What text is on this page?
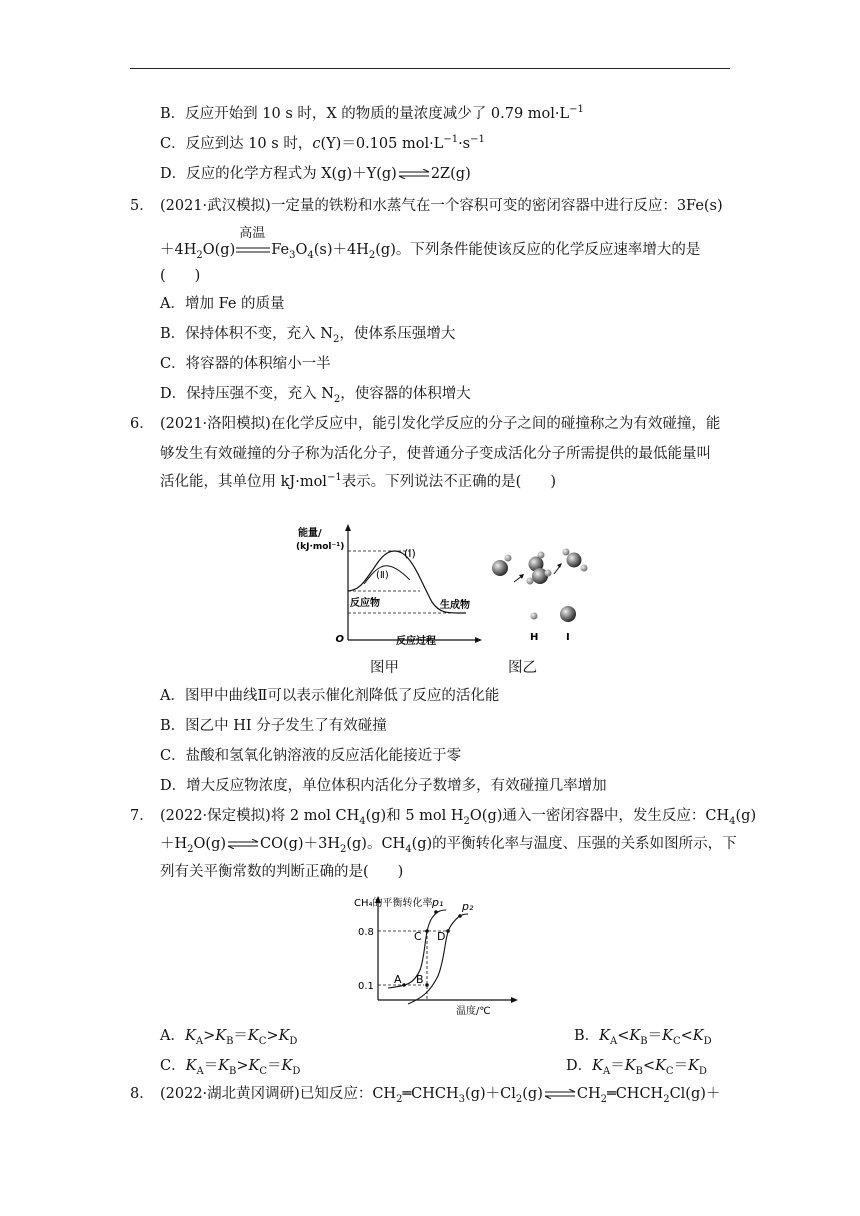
B．反应开始到 10 s 时，X 的物质的量浓度减少了 0.79 $mol\cdot L^{-1}$
C．反应到达 10 s 时，c(Y)＝0.105 $mol\cdot L^{-1}\cdot s^{-1}$
D．反应的化学方程式为 X(g)＋Y(g)⇌2Z(g)
5． (2021·武汉模拟)一定量的铁粉和水蒸气在一个容积可变的密闭容器中进行反应：3Fe(s)
$+4H_2O(g)$
高温
$Fe_3O_4(s)+4H_2(g)$。下列条件能使该反应的化学反应速率增大的是
(　　)
A．增加 Fe 的质量
B．保持体积不变，充入 $N_2$，使体系压强增大
C．将容器的体积缩小一半
D．保持压强不变，充入 $N_2$，使容器的体积增大
6． (2021·洛阳模拟)在化学反应中，能引发化学反应的分子之间的碰撞称之为有效碰撞，能
够发生有效碰撞的分子称为活化分子，使普通分子变成活化分子所需提供的最低能量叫
活化能，其单位用 kJ·mol$^{-1}$表示。下列说法不正确的是(　　)
能量/
(kJ·mol⁻¹)	(Ⅰ)
(Ⅱ)
反应物	生成物
O	反应过程	H	I
图甲	图乙
A．图甲中曲线Ⅱ可以表示催化剂降低了反应的活化能
B．图乙中 HI 分子发生了有效碰撞
C．盐酸和氢氧化钠溶液的反应活化能接近于零
D．增大反应物浓度，单位体积内活化分子数增多，有效碰撞几率增加
7． (2022·保定模拟)将 2 mol $CH_4(g)$和 5 mol $H_2O(g)$通入一密闭容器中，发生反应：$CH_4(g)$
$+H_2O(g)\rightleftharpoons CO(g)+3H_2(g)$。$CH_4(g)$的平衡转化率与温度、压强的关系如图所示，下
列有关平衡常数的判断正确的是(　　)
CH₄的平衡转化率
0.8
0.1
A B
C D
p₁ p₂
温度/℃
A．$K_A>K_B=K_C>K_D$	B．$K_A<K_B=K_C<K_D$
C．$K_A=K_B>K_C=K_D$	D．$K_A=K_B<K_C=K_D$
8． (2022·湖北黄冈调研)已知反应：$CH_2═CHCH_3(g)+Cl_2(g)\rightleftharpoons CH_2═CHCH_2Cl(g)+$
